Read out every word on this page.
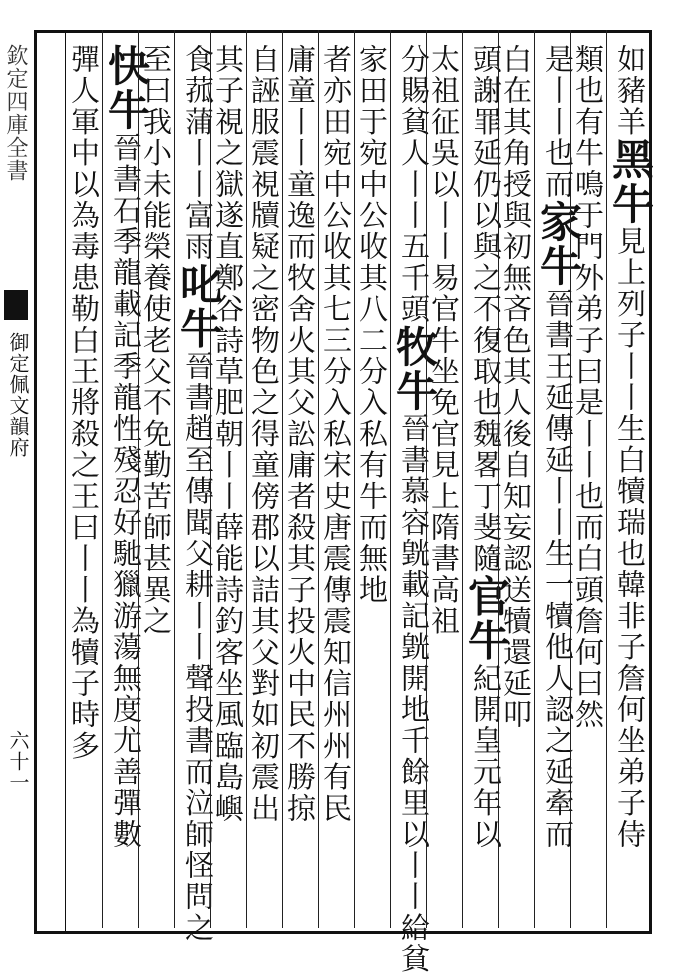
欽定四庫全書
御定佩文韻府
六十一
如豬羊黑牛見上列子丨丨生白犢瑞也韓非子詹何坐弟子侍
類也有牛鳴于門外弟子曰是丨丨也而白頭詹何曰然
是丨丨也而家牛晉書王延傳延丨丨生一犢他人認之延牽而
白在其角授與初無吝色其人後自知妄認送犢還延叩
頭謝罪延仍以與之不復取也魏畧丁斐隨官牛紀開皇元年以
太祖征吳以丨丨易官牛坐免官見上隋書高祖
分賜貧人丨丨五千頭牧牛晉書慕容皝載記皝開地千餘里以丨丨給貧
家田于宛中公收其八二分入私有牛而無地
者亦田宛中公收其七三分入私宋史唐震傳震知信州州有民
庸童丨丨童逸而牧舍火其父訟庸者殺其子投火中民不勝掠
自誣服震視牘疑之密物色之得童傍郡以詰其父對如初震出
其子視之獄遂直鄭谷詩草肥朝丨丨薛能詩釣客坐風臨島嶼
食菰蒲丨丨富雨叱牛晉書趙至傳聞父耕丨丨聲投書而泣師怪問之
至曰我小未能榮養使老父不免勤苦師甚異之
快牛晉書石季龍載記季龍性殘忍好馳獵游蕩無度尤善彈數
彈人軍中以為毒患勒白王將殺之王曰丨丨為犢子時多
